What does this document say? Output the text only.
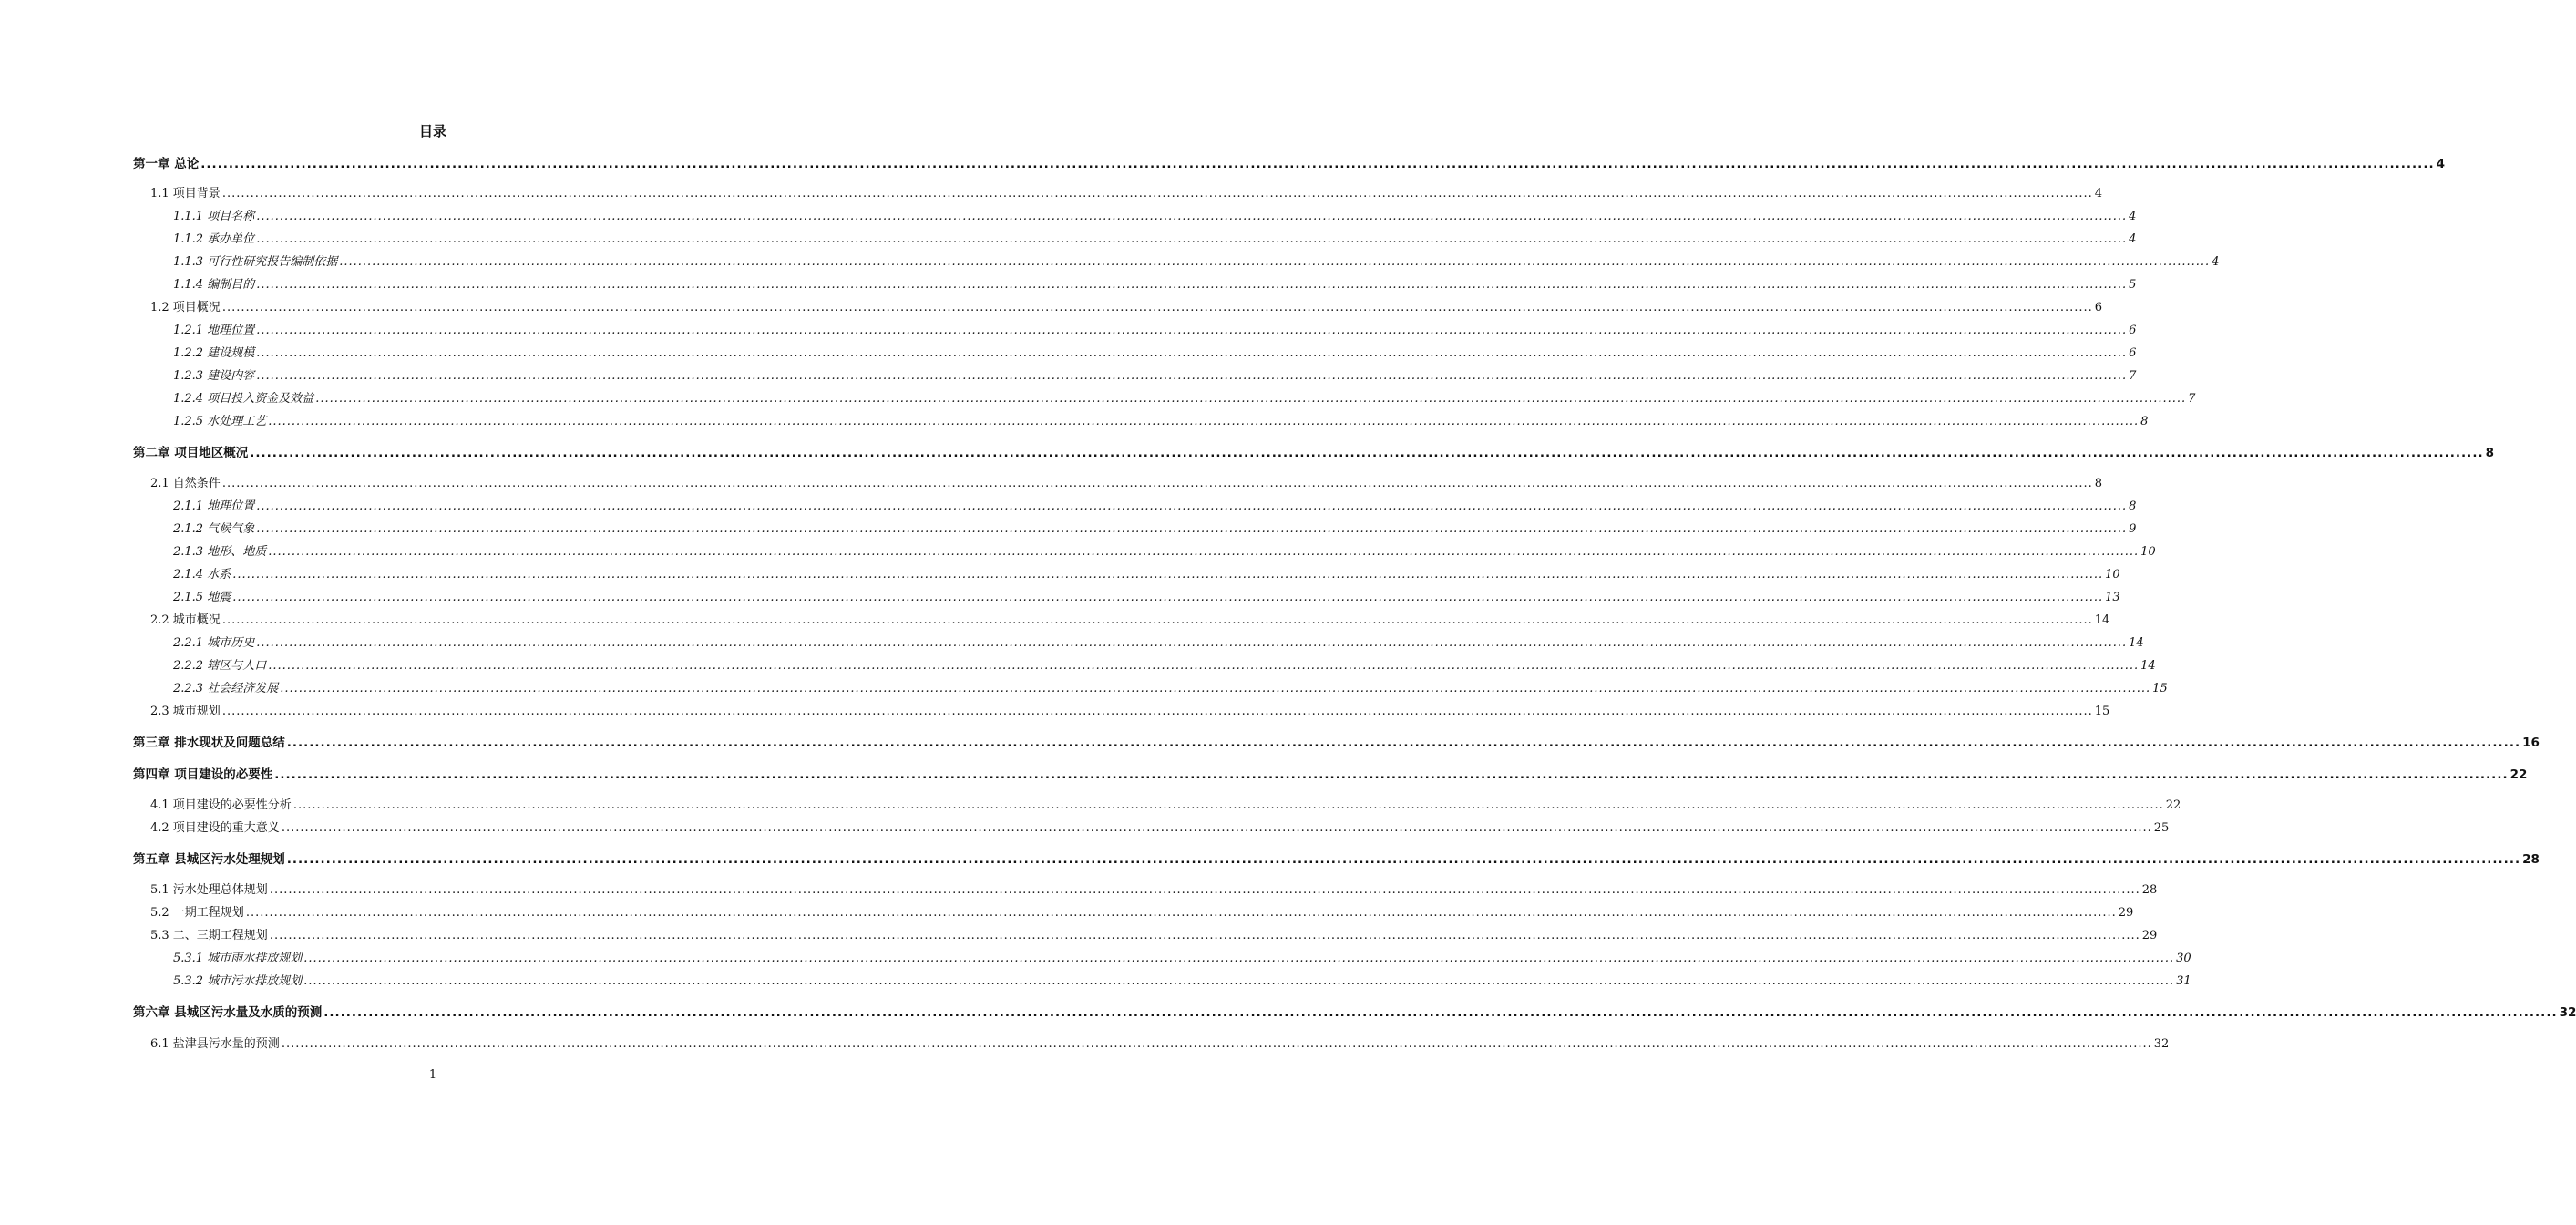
目录
第一章 总论 ................................................................................................................................................................................................................................................................................................................................................................................................................ 4
1.1 项目背景 ................................................................................................................................................................................................................................................................................................................................................................................................................ 4
1.1.1 项目名称 ................................................................................................................................................................................................................................................................................................................................................................................................................ 4
1.1.2 承办单位 ................................................................................................................................................................................................................................................................................................................................................................................................................ 4
1.1.3 可行性研究报告编制依据 ................................................................................................................................................................................................................................................................................................................................................................................................................ 4
1.1.4 编制目的 ................................................................................................................................................................................................................................................................................................................................................................................................................ 5
1.2 项目概况 ................................................................................................................................................................................................................................................................................................................................................................................................................ 6
1.2.1 地理位置 ................................................................................................................................................................................................................................................................................................................................................................................................................ 6
1.2.2 建设规模 ................................................................................................................................................................................................................................................................................................................................................................................................................ 6
1.2.3 建设内容 ................................................................................................................................................................................................................................................................................................................................................................................................................ 7
1.2.4 项目投入资金及效益 ................................................................................................................................................................................................................................................................................................................................................................................................................ 7
1.2.5 水处理工艺 ................................................................................................................................................................................................................................................................................................................................................................................................................ 8
第二章 项目地区概况 ................................................................................................................................................................................................................................................................................................................................................................................................................ 8
2.1 自然条件 ................................................................................................................................................................................................................................................................................................................................................................................................................ 8
2.1.1 地理位置 ................................................................................................................................................................................................................................................................................................................................................................................................................ 8
2.1.2 气候气象 ................................................................................................................................................................................................................................................................................................................................................................................................................ 9
2.1.3 地形、地质 ................................................................................................................................................................................................................................................................................................................................................................................................................ 10
2.1.4 水系 ................................................................................................................................................................................................................................................................................................................................................................................................................ 10
2.1.5 地震 ................................................................................................................................................................................................................................................................................................................................................................................................................ 13
2.2 城市概况 ................................................................................................................................................................................................................................................................................................................................................................................................................ 14
2.2.1 城市历史 ................................................................................................................................................................................................................................................................................................................................................................................................................ 14
2.2.2 辖区与人口 ................................................................................................................................................................................................................................................................................................................................................................................................................ 14
2.2.3 社会经济发展 ................................................................................................................................................................................................................................................................................................................................................................................................................ 15
2.3 城市规划 ................................................................................................................................................................................................................................................................................................................................................................................................................ 15
第三章 排水现状及问题总结 ................................................................................................................................................................................................................................................................................................................................................................................................................ 16
第四章 项目建设的必要性 ................................................................................................................................................................................................................................................................................................................................................................................................................ 22
4.1 项目建设的必要性分析 ................................................................................................................................................................................................................................................................................................................................................................................................................ 22
4.2 项目建设的重大意义 ................................................................................................................................................................................................................................................................................................................................................................................................................ 25
第五章 县城区污水处理规划 ................................................................................................................................................................................................................................................................................................................................................................................................................ 28
5.1 污水处理总体规划 ................................................................................................................................................................................................................................................................................................................................................................................................................ 28
5.2 一期工程规划 ................................................................................................................................................................................................................................................................................................................................................................................................................ 29
5.3 二、三期工程规划 ................................................................................................................................................................................................................................................................................................................................................................................................................ 29
5.3.1 城市雨水排放规划 ................................................................................................................................................................................................................................................................................................................................................................................................................ 30
5.3.2 城市污水排放规划 ................................................................................................................................................................................................................................................................................................................................................................................................................ 31
第六章 县城区污水量及水质的预测 ................................................................................................................................................................................................................................................................................................................................................................................................................ 32
6.1 盐津县污水量的预测 ................................................................................................................................................................................................................................................................................................................................................................................................................ 32
1
